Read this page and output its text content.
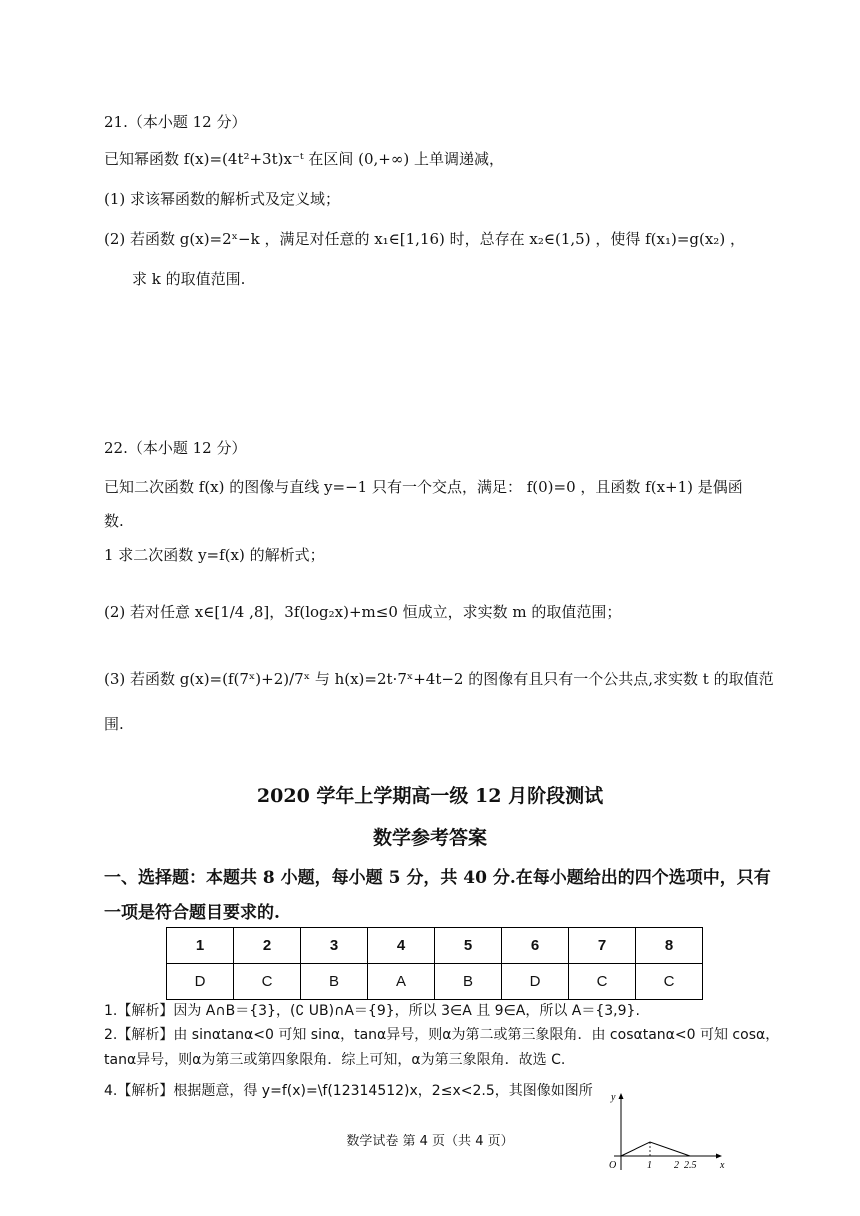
21.（本小题 12 分）
已知幂函数 f(x)=(4t²+3t)x⁻ᵗ 在区间 (0,+∞) 上单调递减，
(1) 求该幂函数的解析式及定义域；
(2) 若函数 g(x)=2ˣ−k ，满足对任意的 x₁∈[1,16) 时，总存在 x₂∈(1,5) ，使得 f(x₁)=g(x₂) ，
求 k 的取值范围.
22.（本小题 12 分）
已知二次函数 f(x) 的图像与直线 y=−1 只有一个交点，满足： f(0)=0 ，且函数 f(x+1) 是偶函
数.
1 求二次函数 y=f(x) 的解析式；
(2) 若对任意 x∈[1/4 ,8]，3f(log₂x)+m≤0 恒成立，求实数 m 的取值范围；
(3) 若函数 g(x)=(f(7ˣ)+2)/7ˣ 与 h(x)=2t·7ˣ+4t−2 的图像有且只有一个公共点,求实数 t 的取值范
围.
2020 学年上学期高一级 12 月阶段测试
数学参考答案
一、选择题：本题共 8 小题，每小题 5 分，共 40 分.在每小题给出的四个选项中，只有
一项是符合题目要求的.
1	2	3	4	5	6	7	8
D	C	B	A	B	D	C	C
1.【解析】因为 A∩B＝{3}，(∁ UB)∩A＝{9}，所以 3∈A 且 9∈A，所以 A＝{3,9}.
2.【解析】由 sinαtanα<0 可知 sinα，tanα异号，则α为第二或第三象限角．由 cosαtanα<0 可知 cosα，
tanα异号，则α为第三或第四象限角．综上可知，α为第三象限角．故选 C.
4.【解析】根据题意，得 y=f(x)=\f(12314512)x，2≤x<2.5，其图像如图所 y
x
O	1 2 2.5
数学试卷 第 4 页（共 4 页）
